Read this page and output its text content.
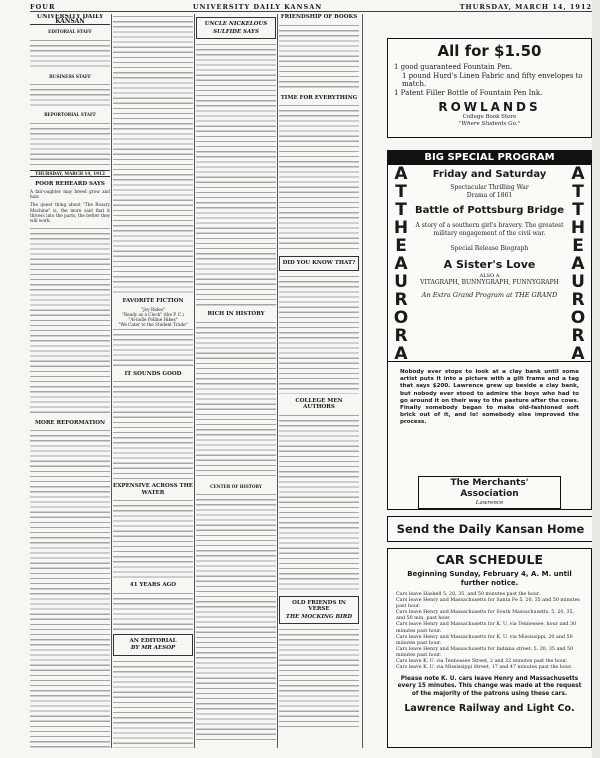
FOUR	UNIVERSITY DAILY KANSAN	THURSDAY, MARCH 14, 1912
UNIVERSITY DAILY KANSAN
EDITORIAL STAFF
BUSINESS STAFF
REPORTORIAL STAFF
THURSDAY, MARCH 14, 1912
POOR REHEARD SAYS
A fair-oughter may breed grow and hair.
The queer thing about "The Rosary Machine" is, the more said that it throws into the parts, the better they will work.
MORE REFORMATION
FAVORITE FICTION
"Joy Rides"
"Ready as a Clock" (the P. C.)
"Al-nolle Polline Hikes"
"We Cater to the Student Trade"
IT SOUNDS GOOD
EXPENSIVE ACROSS THE WATER
41 YEARS AGO
AN EDITORIAL
BY MR AESOP
UNCLE NICKELOUS
SULFIDE SAYS
RICH IN HISTORY
CENTER OF HISTORY
FRIENDSHIP OF BOOKS
TIME FOR EVERYTHING
DID YOU KNOW THAT?
COLLEGE MEN AUTHORS
OLD FRIENDS IN VERSE
THE MOCKING BIRD
All for $1.50
1 good guaranteed Fountain Pen.
1 pound Hurd's Linen Fabric and fifty envelopes to match.
1 Patent Filler Bottle of Fountain Pen Ink.
ROWLANDS
College Book Store
"Where Students Go."
BIG SPECIAL PROGRAM
A
T
T
H
E
A
U
R
O
R
A
A
T
T
H
E
A
U
R
O
R
A
Friday and Saturday
Spectacular Thrilling War
Drama of 1861
Battle of Pottsburg Bridge
A story of a southern girl's bravery. The greatest military engagement of the civil war.
Special Release Biograph
A Sister's Love
ALSO A
VITAGRAPH, BUNNYGRAPH, FUNNYGRAPH
An Extra Grand Program at THE GRAND
Nobody ever stops to look at a clay bank until some artist puts it into a picture with a gilt frame and a tag that says $200. Lawrence grew up beside a clay bank, but nobody ever stood to admire the boys who had to go around it on their way to the pasture after the cows. Finally somebody began to make old-fashioned soft brick out of it, and lo! somebody else improved the process.
The Merchants' Association
Lawrence
Send the Daily Kansan Home
CAR SCHEDULE
Beginning Sunday, February 4, A. M. until further notice.
Cars leave Haskell 5, 20, 35, and 50 minutes past the hour.
Cars leave Henry and Massachusetts for Santa Fe 5, 20, 35 and 50 minutes past hour.
Cars leave Henry and Massachusetts for South Massachusetts, 5, 20, 35, and 50 min. past hour.
Cars leave Henry and Massachusetts for K. U. via Tennessee, hour and 30 minutes past hour.
Cars leave Henry and Massachusetts for K. U. via Mississippi, 20 and 50 minutes past hour.
Cars leave Henry and Massachusetts for Indiana street, 5, 20, 35 and 50 minutes past hour.
Cars leave K. U. via Tennessee Street, 2 and 32 minutes past the hour.
Cars leave K. U. via Mississippi Street, 17 and 47 minutes past the hour.
Please note K. U. cars leave Henry and Massachusetts every 15 minutes. This change was made at the request of the majority of the patrons using these cars.
Lawrence Railway and Light Co.
